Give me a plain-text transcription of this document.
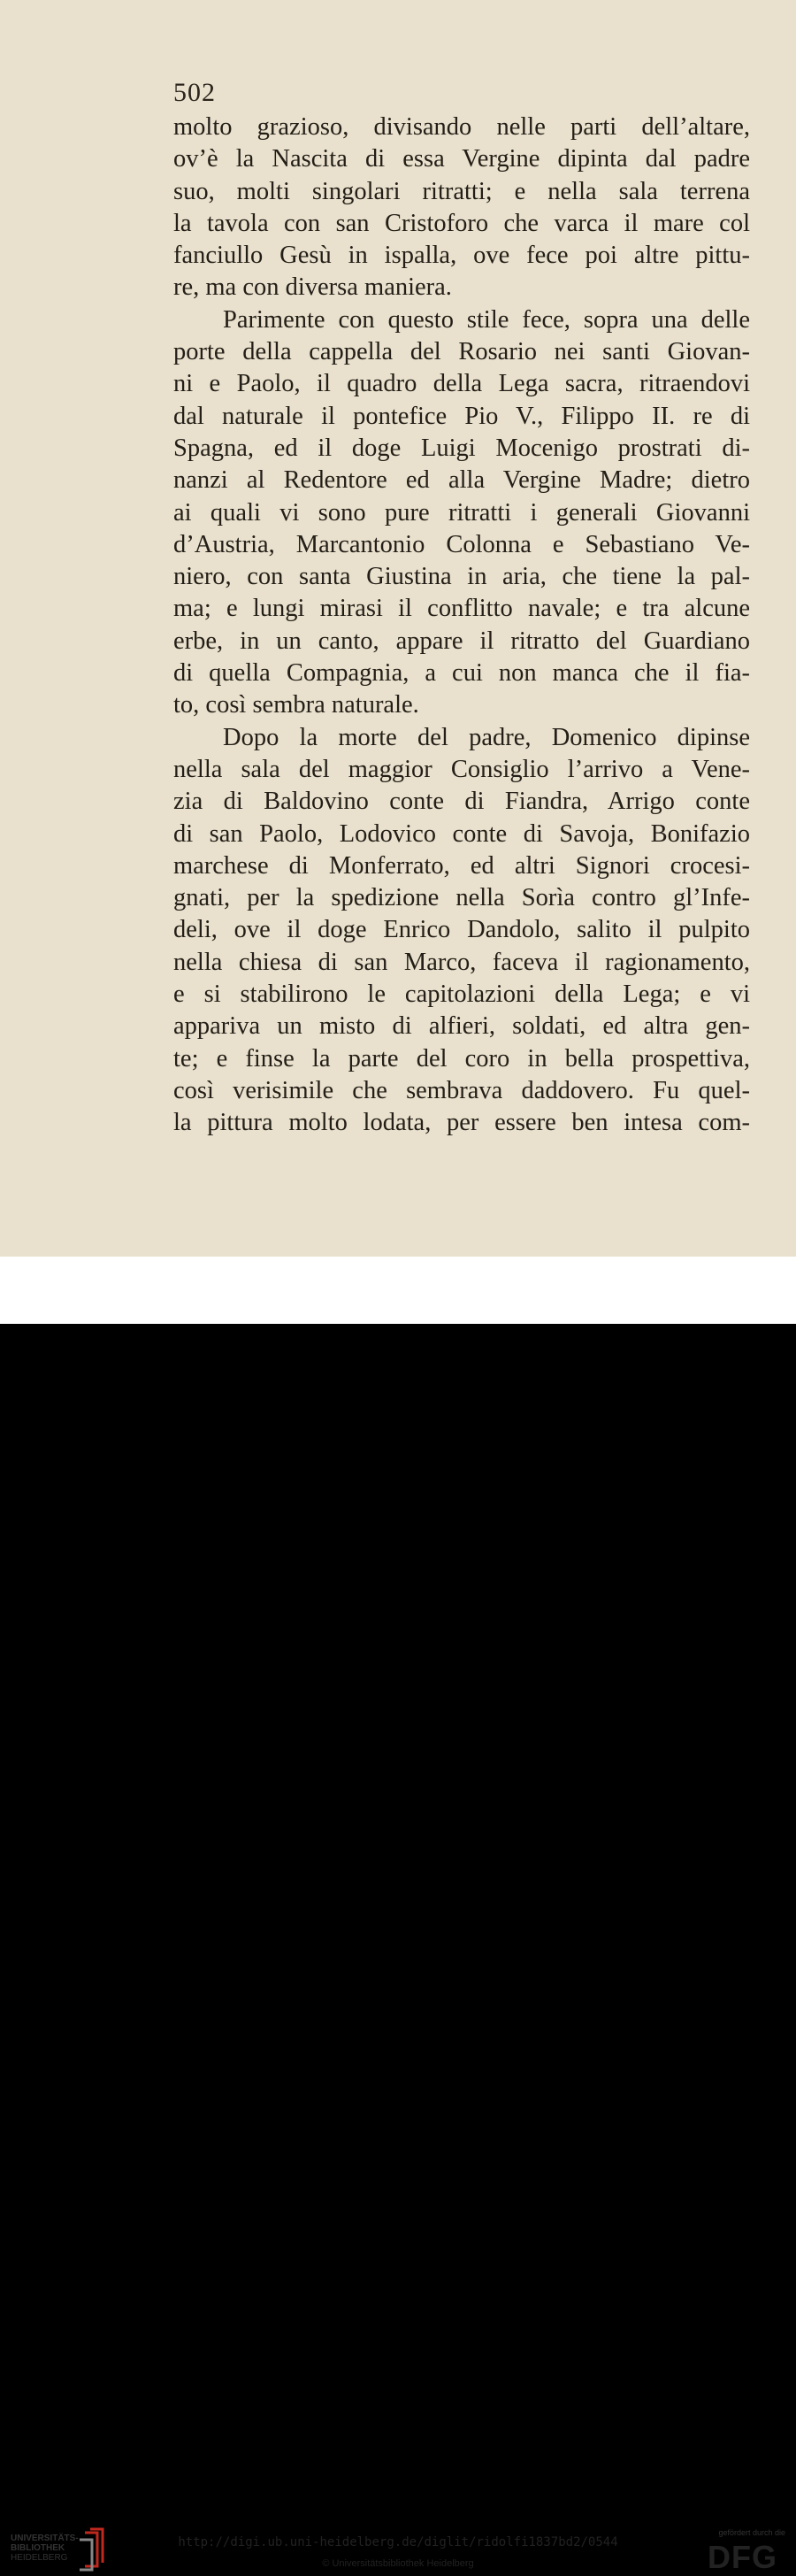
502
molto grazioso, divisando nelle parti dell’altare,
ov’è la Nascita di essa Vergine dipinta dal padre
suo, molti singolari ritratti; e nella sala terrena
la tavola con san Cristoforo che varca il mare col
fanciullo Gesù in ispalla, ove fece poi altre pittu-
re, ma con diversa maniera.
Parimente con questo stile fece, sopra una delle
porte della cappella del Rosario nei santi Giovan-
ni e Paolo, il quadro della Lega sacra, ritraendovi
dal naturale il pontefice Pio V., Filippo II. re di
Spagna, ed il doge Luigi Mocenigo prostrati di-
nanzi al Redentore ed alla Vergine Madre; dietro
ai quali vi sono pure ritratti i generali Giovanni
d’Austria, Marcantonio Colonna e Sebastiano Ve-
niero, con santa Giustina in aria, che tiene la pal-
ma; e lungi mirasi il conflitto navale; e tra alcune
erbe, in un canto, appare il ritratto del Guardiano
di quella Compagnia, a cui non manca che il fia-
to, così sembra naturale.
Dopo la morte del padre, Domenico dipinse
nella sala del maggior Consiglio l’arrivo a Vene-
zia di Baldovino conte di Fiandra, Arrigo conte
di san Paolo, Lodovico conte di Savoja, Bonifazio
marchese di Monferrato, ed altri Signori crocesi-
gnati, per la spedizione nella Sorìa contro gl’Infe-
deli, ove il doge Enrico Dandolo, salito il pulpito
nella chiesa di san Marco, faceva il ragionamento,
e si stabilirono le capitolazioni della Lega; e vi
appariva un misto di alfieri, soldati, ed altra gen-
te; e finse la parte del coro in bella prospettiva,
così verisimile che sembrava daddovero. Fu quel-
la pittura molto lodata, per essere ben intesa com-
UNIVERSITÄTS-
BIBLIOTHEK
HEIDELBERG
http://digi.ub.uni-heidelberg.de/diglit/ridolfi1837bd2/0544
© Universitätsbibliothek Heidelberg
gefördert durch die
DFG
